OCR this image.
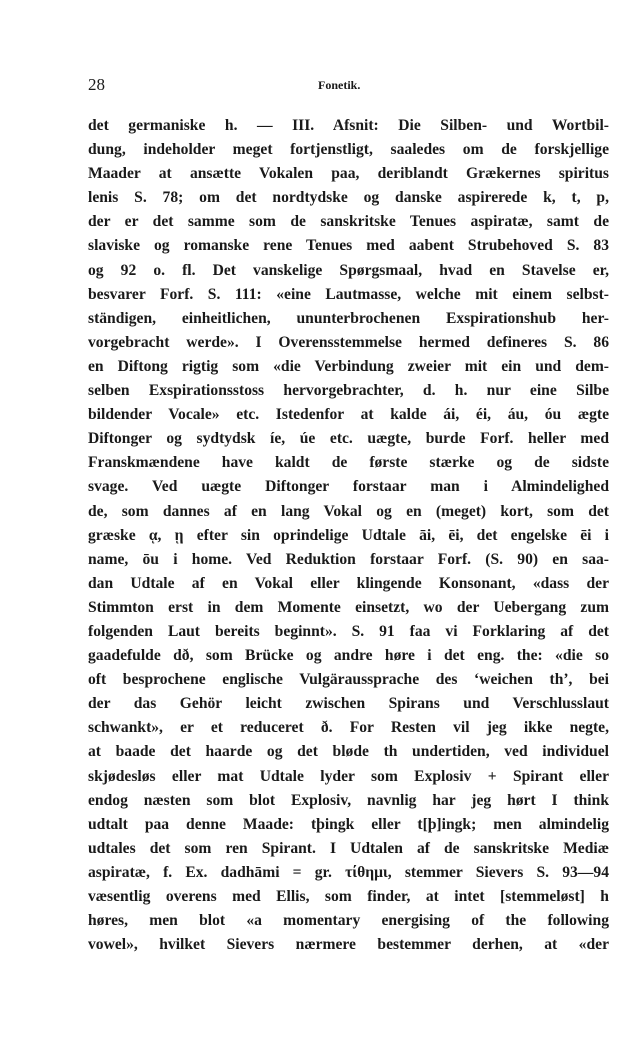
28	Fonetik.
det germaniske h. — III. Afsnit: Die Silben- und Wortbil-
dung, indeholder meget fortjenstligt, saaledes om de forskjellige
Maader at ansætte Vokalen paa, deriblandt Grækernes spiritus
lenis S. 78; om det nordtydske og danske aspirerede k, t, p,
der er det samme som de sanskritske Tenues aspiratæ, samt de
slaviske og romanske rene Tenues med aabent Strubehoved S. 83
og 92 o. fl. Det vanskelige Spørgsmaal, hvad en Stavelse er,
besvarer Forf. S. 111: «eine Lautmasse, welche mit einem selbst-
ständigen, einheitlichen, ununterbrochenen Exspirationshub her-
vorgebracht werde». I Overensstemmelse hermed defineres S. 86
en Diftong rigtig som «die Verbindung zweier mit ein und dem-
selben Exspirationsstoss hervorgebrachter, d. h. nur eine Silbe
bildender Vocale» etc. Istedenfor at kalde ái, éi, áu, óu ægte
Diftonger og sydtydsk íe, úe etc. uægte, burde Forf. heller med
Franskmændene have kaldt de første stærke og de sidste
svage. Ved uægte Diftonger forstaar man i Almindelighed
de, som dannes af en lang Vokal og en (meget) kort, som det
græske ᾳ, ῃ efter sin oprindelige Udtale āi, ēi, det engelske ēi i
name, ōu i home. Ved Reduktion forstaar Forf. (S. 90) en saa-
dan Udtale af en Vokal eller klingende Konsonant, «dass der
Stimmton erst in dem Momente einsetzt, wo der Uebergang zum
folgenden Laut bereits beginnt». S. 91 faa vi Forklaring af det
gaadefulde dð, som Brücke og andre høre i det eng. the: «die so
oft besprochene englische Vulgäraussprache des ‘weichen th’, bei
der das Gehör leicht zwischen Spirans und Verschlusslaut
schwankt», er et reduceret ð. For Resten vil jeg ikke negte,
at baade det haarde og det bløde th undertiden, ved individuel
skjødesløs eller mat Udtale lyder som Explosiv + Spirant eller
endog næsten som blot Explosiv, navnlig har jeg hørt I think
udtalt paa denne Maade: tþingk eller t[þ]ingk; men almindelig
udtales det som ren Spirant. I Udtalen af de sanskritske Mediæ
aspiratæ, f. Ex. dadhāmi = gr. τίθημι, stemmer Sievers S. 93—94
væsentlig overens med Ellis, som finder, at intet [stemmeløst] h
høres, men blot «a momentary energising of the following
vowel», hvilket Sievers nærmere bestemmer derhen, at «der
